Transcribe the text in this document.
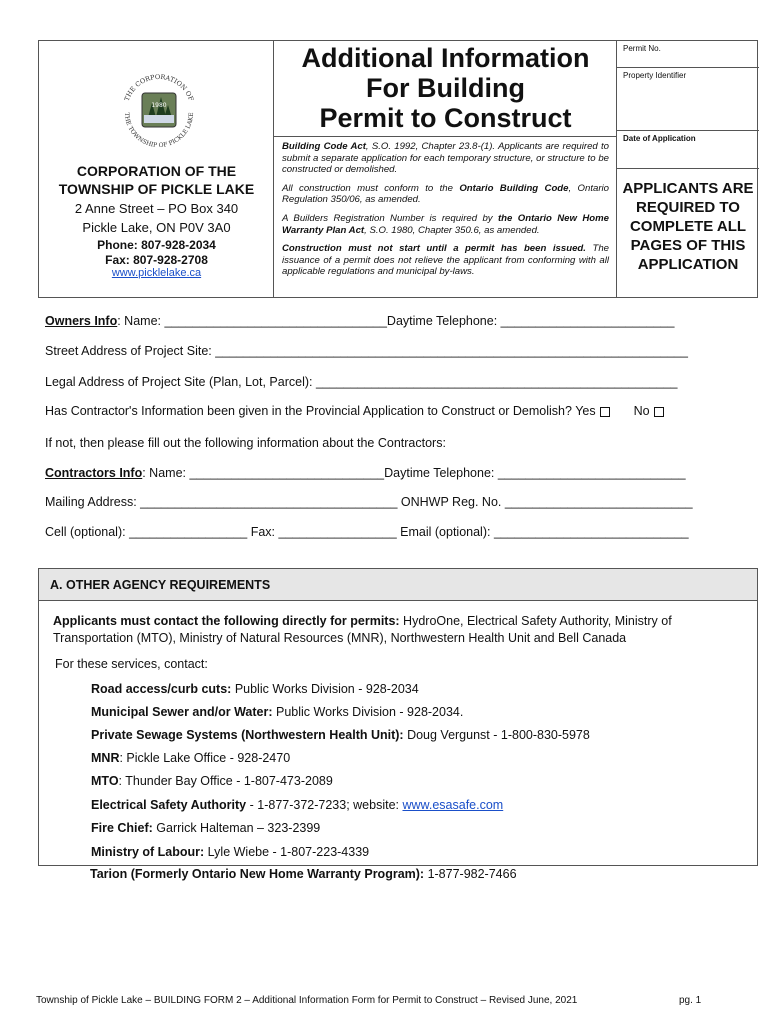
THE CORPORATION OF
THE TOWNSHIP OF PICKLE LAKE
1980
CORPORATION OF THE
TOWNSHIP OF PICKLE LAKE
2 Anne Street – PO Box 340
Pickle Lake, ON P0V 3A0
Phone: 807-928-2034
Fax: 807-928-2708
www.picklelake.ca
Additional Information
For Building
Permit to Construct

Building Code Act, S.O. 1992, Chapter 23.8-(1). Applicants are required to submit a separate application for each temporary structure, or structure to be constructed or demolished.

All construction must conform to the Ontario Building Code, Ontario Regulation 350/06, as amended.

A Builders Registration Number is required by the Ontario New Home Warranty Plan Act, S.O. 1980, Chapter 350.6, as amended.

Construction must not start until a permit has been issued. The issuance of a permit does not relieve the applicant from conforming with all applicable regulations and municipal by-laws.

Permit No.
Property Identifier
Date of Application
APPLICANTS ARE
REQUIRED TO
COMPLETE ALL
PAGES OF THIS
APPLICATION
Owners Info: Name: ________________________________Daytime Telephone: _________________________
Street Address of Project Site: ____________________________________________________________________
Legal Address of Project Site (Plan, Lot, Parcel): ____________________________________________________
Has Contractor's Information been given in the Provincial Application to Construct or Demolish? Yes	No
If not, then please fill out the following information about the Contractors:
Contractors Info: Name: ____________________________Daytime Telephone: ___________________________
Mailing Address: _____________________________________ ONHWP Reg. No. ___________________________
Cell (optional): _________________ Fax: _________________ Email (optional): ____________________________
A. OTHER AGENCY REQUIREMENTS
Applicants must contact the following directly for permits: HydroOne, Electrical Safety Authority, Ministry of Transportation (MTO), Ministry of Natural Resources (MNR), Northwestern Health Unit and Bell Canada
For these services, contact:
Road access/curb cuts: Public Works Division - 928-2034
Municipal Sewer and/or Water: Public Works Division - 928-2034.
Private Sewage Systems (Northwestern Health Unit): Doug Vergunst - 1-800-830-5978
MNR: Pickle Lake Office - 928-2470
MTO: Thunder Bay Office - 1-807-473-2089
Electrical Safety Authority - 1-877-372-7233; website: www.esasafe.com
Fire Chief: Garrick Halteman – 323-2399
Ministry of Labour: Lyle Wiebe - 1-807-223-4339
Tarion (Formerly Ontario New Home Warranty Program): 1-877-982-7466
Township of Pickle Lake – BUILDING FORM 2 – Additional Information Form for Permit to Construct – Revised June, 2021	pg. 1
